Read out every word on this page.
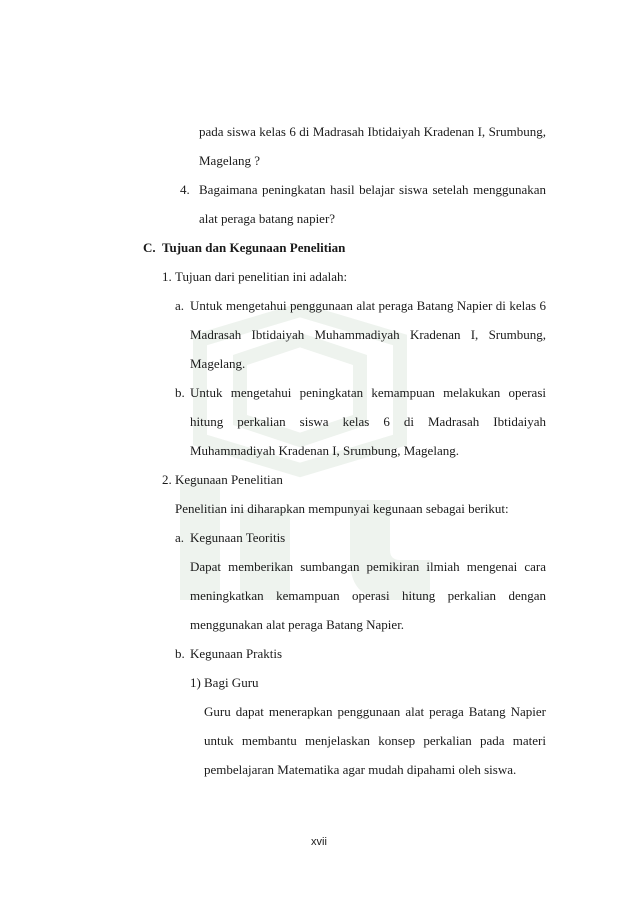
pada siswa kelas 6 di Madrasah Ibtidaiyah Kradenan I, Srumbung,
Magelang ?
4. Bagaimana peningkatan hasil belajar siswa setelah menggunakan
alat peraga batang napier?
C. Tujuan dan Kegunaan Penelitian
1. Tujuan dari penelitian ini adalah:
a. Untuk mengetahui penggunaan alat peraga Batang Napier di kelas 6
Madrasah Ibtidaiyah Muhammadiyah Kradenan I, Srumbung,
Magelang.
b. Untuk mengetahui peningkatan kemampuan melakukan operasi
hitung perkalian siswa kelas 6 di Madrasah Ibtidaiyah
Muhammadiyah Kradenan I, Srumbung, Magelang.
2. Kegunaan Penelitian
Penelitian ini diharapkan mempunyai kegunaan sebagai berikut:
a. Kegunaan Teoritis
Dapat memberikan sumbangan pemikiran ilmiah mengenai cara
meningkatkan kemampuan operasi hitung perkalian dengan
menggunakan alat peraga Batang Napier.
b. Kegunaan Praktis
1) Bagi Guru
Guru dapat menerapkan penggunaan alat peraga Batang Napier
untuk membantu menjelaskan konsep perkalian pada materi
pembelajaran Matematika agar mudah dipahami oleh siswa.
xvii
